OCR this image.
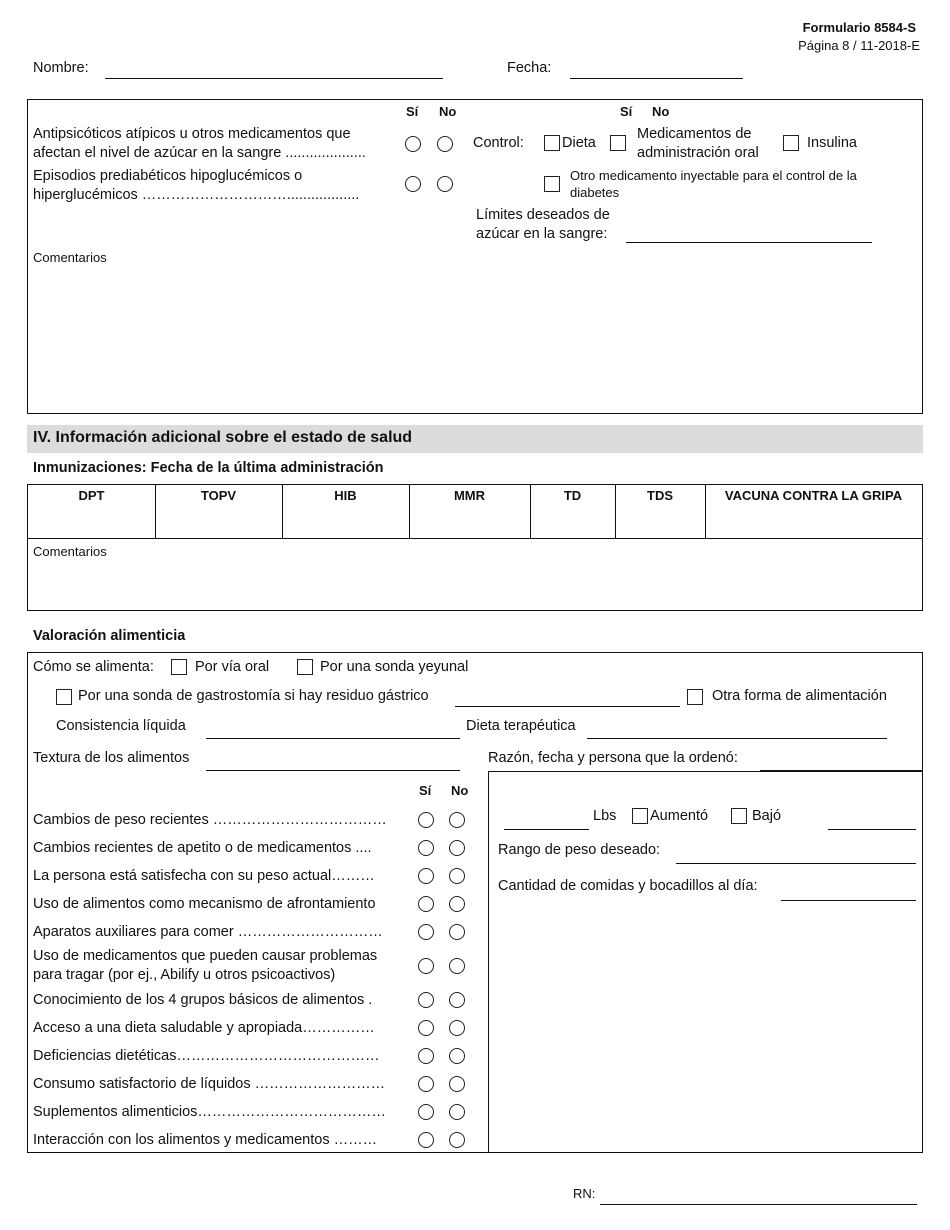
Formulario 8584-S
Página 8 / 11-2018-E
Nombre:	Fecha:
Sí No	Sí No
Antipsicóticos atípicos u otros medicamentos que
afectan el nivel de azúcar en la sangre ....................
Control:	Dieta
Medicamentos de
administración oral
Insulina
Episodios prediabéticos hipoglucémicos o
hiperglucémicos …………………………..................
Otro medicamento inyectable para el control de la
diabetes
Límites deseados de
azúcar en la sangre:
Comentarios
IV. Información adicional sobre el estado de salud
Inmunizaciones: Fecha de la última administración
DPT	TOPV	HIB	MMR	TD	TDS	VACUNA CONTRA LA GRIPA
Comentarios
Valoración alimenticia
Cómo se alimenta:	Por vía oral	Por una sonda yeyunal
Por una sonda de gastrostomía si hay residuo gástrico	Otra forma de alimentación
Consistencia líquida	Dieta terapéutica
Textura de los alimentos	Razón, fecha y persona que la ordenó:
Sí No
Cambios de peso recientes ………………………………
Cambios recientes de apetito o de medicamentos ....
La persona está satisfecha con su peso actual………
Uso de alimentos como mecanismo de afrontamiento
Aparatos auxiliares para comer …………………………
Uso de medicamentos que pueden causar problemas
para tragar (por ej., Abilify u otros psicoactivos)
Conocimiento de los 4 grupos básicos de alimentos .
Acceso a una dieta saludable y apropiada……………
Deficiencias dietéticas……………………………………
Consumo satisfactorio de líquidos ………………………
Suplementos alimenticios…………………………………
Interacción con los alimentos y medicamentos ………
Lbs Aumentó	Bajó
Rango de peso deseado:
Cantidad de comidas y bocadillos al día:
RN:
